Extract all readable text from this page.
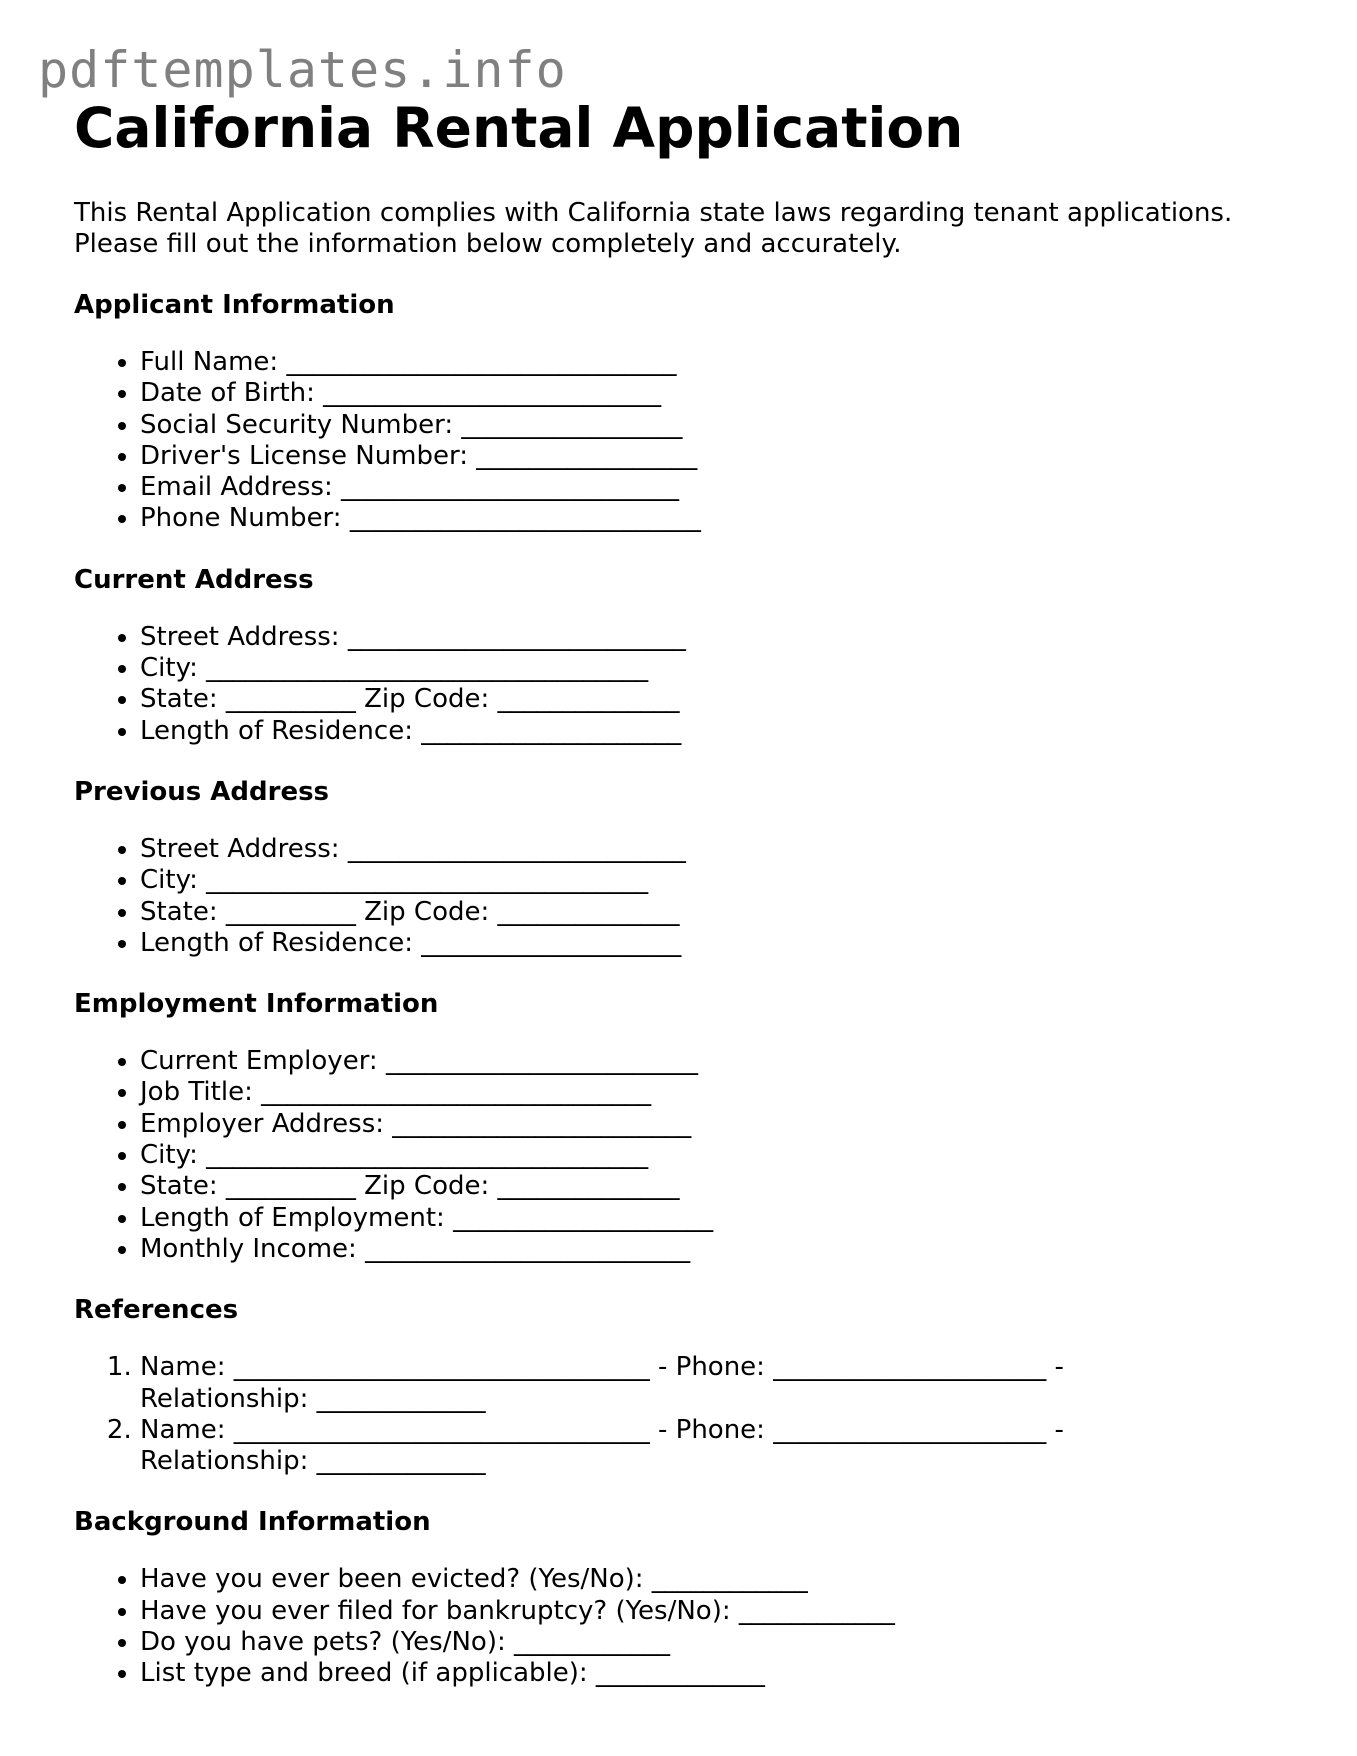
pdftemplates.info
California Rental Application

This Rental Application complies with California state laws regarding tenant applications.
Please fill out the information below completely and accurately.

Applicant Information
• Full Name: ______________________________
• Date of Birth: __________________________
• Social Security Number: _________________
• Driver's License Number: _________________
• Email Address: __________________________
• Phone Number: ___________________________
Current Address
• Street Address: __________________________
• City: __________________________________
• State: __________ Zip Code: ______________
• Length of Residence: ____________________
Previous Address
• Street Address: __________________________
• City: __________________________________
• State: __________ Zip Code: ______________
• Length of Residence: ____________________
Employment Information
• Current Employer: ________________________
• Job Title: ______________________________
• Employer Address: _______________________
• City: __________________________________
• State: __________ Zip Code: ______________
• Length of Employment: ____________________
• Monthly Income: _________________________
References
1. Name: ________________________________ - Phone: _____________________ - Relationship: _____________
2. Name: ________________________________ - Phone: _____________________ - Relationship: _____________
Background Information
• Have you ever been evicted? (Yes/No): ____________
• Have you ever filed for bankruptcy? (Yes/No): ____________
• Do you have pets? (Yes/No): ____________
• List type and breed (if applicable): _____________
